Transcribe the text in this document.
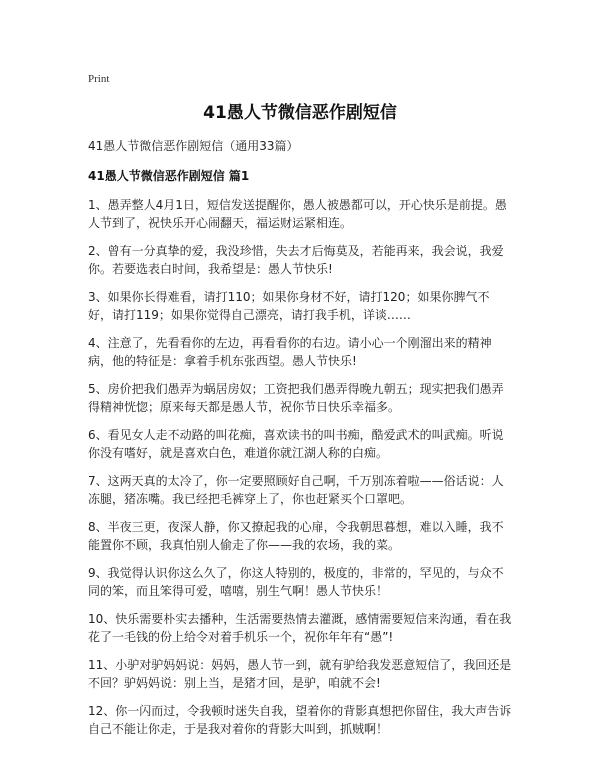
Print
41愚人节微信恶作剧短信
41愚人节微信恶作剧短信（通用33篇）
41愚人节微信恶作剧短信 篇1

1、愚弄整人4月1日，短信发送提醒你，愚人被愚都可以，开心快乐是前提。愚人节到了，祝快乐开心闹翻天，福运财运紧相连。

2、曾有一分真挚的爱，我没珍惜，失去才后悔莫及，若能再来，我会说，我爱你。若要选表白时间，我希望是：愚人节快乐!

3、如果你长得难看，请打110；如果你身材不好，请打120；如果你脾气不好，请打119；如果你觉得自己漂亮，请打我手机，详谈……

4、注意了，先看看你的左边，再看看你的右边。请小心一个刚溜出来的精神病，他的特征是：拿着手机东张西望。愚人节快乐!

5、房价把我们愚弄为蜗居房奴；工资把我们愚弄得晚九朝五；现实把我们愚弄得精神恍惚；原来每天都是愚人节，祝你节日快乐幸福多。

6、看见女人走不动路的叫花痴，喜欢读书的叫书痴，酷爱武术的叫武痴。听说你没有嗜好，就是喜欢白色，难道你就江湖人称的白痴。

7、这两天真的太冷了，你一定要照顾好自己啊，千万别冻着啦——俗话说：人冻腿，猪冻嘴。我已经把毛裤穿上了，你也赶紧买个口罩吧。

8、半夜三更，夜深人静，你又撩起我的心扉，令我朝思暮想，难以入睡，我不能置你不顾，我真怕别人偷走了你——我的农场，我的菜。

9、我觉得认识你这么久了，你这人特别的，极度的，非常的，罕见的，与众不同的笨，而且笨得可爱，嘻嘻，别生气啊！愚人节快乐！

10、快乐需要朴实去播种，生活需要热情去灌溉，感情需要短信来沟通，看在我花了一毛钱的份上给令对着手机乐一个，祝你年年有“愚”!

11、小驴对驴妈妈说：妈妈，愚人节一到，就有驴给我发恶意短信了，我回还是不回？驴妈妈说：别上当，是猪才回，是驴，咱就不会!

12、你一闪而过，令我顿时迷失自我，望着你的背影真想把你留住，我大声告诉自己不能让你走，于是我对着你的背影大叫到，抓贼啊！
